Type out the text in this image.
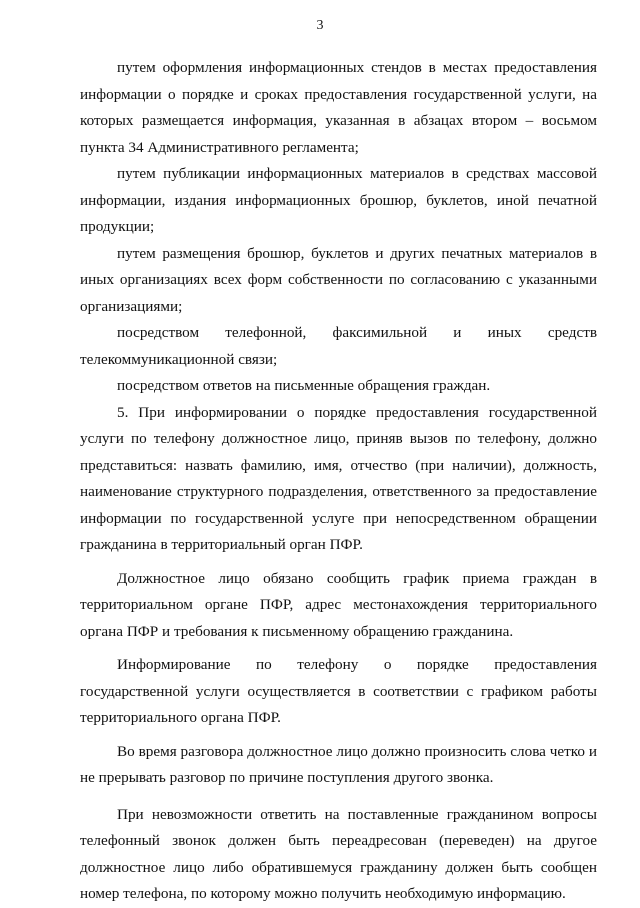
3

путем оформления информационных стендов в местах предоставления информации о порядке и сроках предоставления государственной услуги, на которых размещается информация, указанная в абзацах втором – восьмом пункта 34 Административного регламента;

путем публикации информационных материалов в средствах массовой информации, издания информационных брошюр, буклетов, иной печатной продукции;

путем размещения брошюр, буклетов и других печатных материалов в иных организациях всех форм собственности по согласованию с указанными организациями;

посредством телефонной, факсимильной и иных средств телекоммуникационной связи;

посредством ответов на письменные обращения граждан.

5. При информировании о порядке предоставления государственной услуги по телефону должностное лицо, приняв вызов по телефону, должно представиться: назвать фамилию, имя, отчество (при наличии), должность, наименование структурного подразделения, ответственного за предоставление информации по государственной услуге при непосредственном обращении гражданина в территориальный орган ПФР.

Должностное лицо обязано сообщить график приема граждан в территориальном органе ПФР, адрес местонахождения территориального органа ПФР и требования к письменному обращению гражданина.

Информирование по телефону о порядке предоставления государственной услуги осуществляется в соответствии с графиком работы территориального органа ПФР.

Во время разговора должностное лицо должно произносить слова четко и не прерывать разговор по причине поступления другого звонка.

При невозможности ответить на поставленные гражданином вопросы телефонный звонок должен быть переадресован (переведен) на другое должностное лицо либо обратившемуся гражданину должен быть сообщен номер телефона, по которому можно получить необходимую информацию.
